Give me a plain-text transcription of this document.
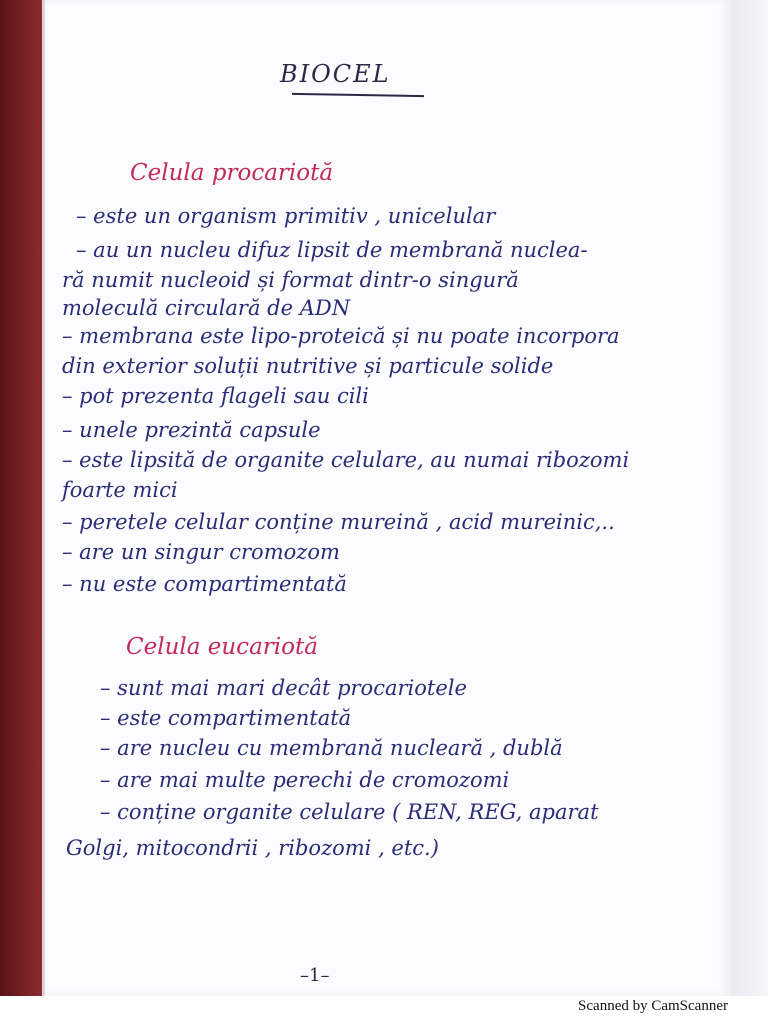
BIOCEL
Celula procariotă
– este un organism primitiv , unicelular
– au un nucleu difuz lipsit de membrană nuclea-
ră numit nucleoid și format dintr-o singură
moleculă circulară de ADN
– membrana este lipo-proteică și nu poate incorpora
din exterior soluții nutritive și particule solide
– pot prezenta flageli sau cili
– unele prezintă capsule
– este lipsită de organite celulare, au numai ribozomi
foarte mici
– peretele celular conține mureină , acid mureinic,..
– are un singur cromozom
– nu este compartimentată
Celula eucariotă
– sunt mai mari decât procariotele
– este compartimentată
– are nucleu cu membrană nucleară , dublă
– are mai multe perechi de cromozomi
– conține organite celulare ( REN, REG, aparat
Golgi, mitocondrii , ribozomi , etc.)
–1–
Scanned by CamScanner
